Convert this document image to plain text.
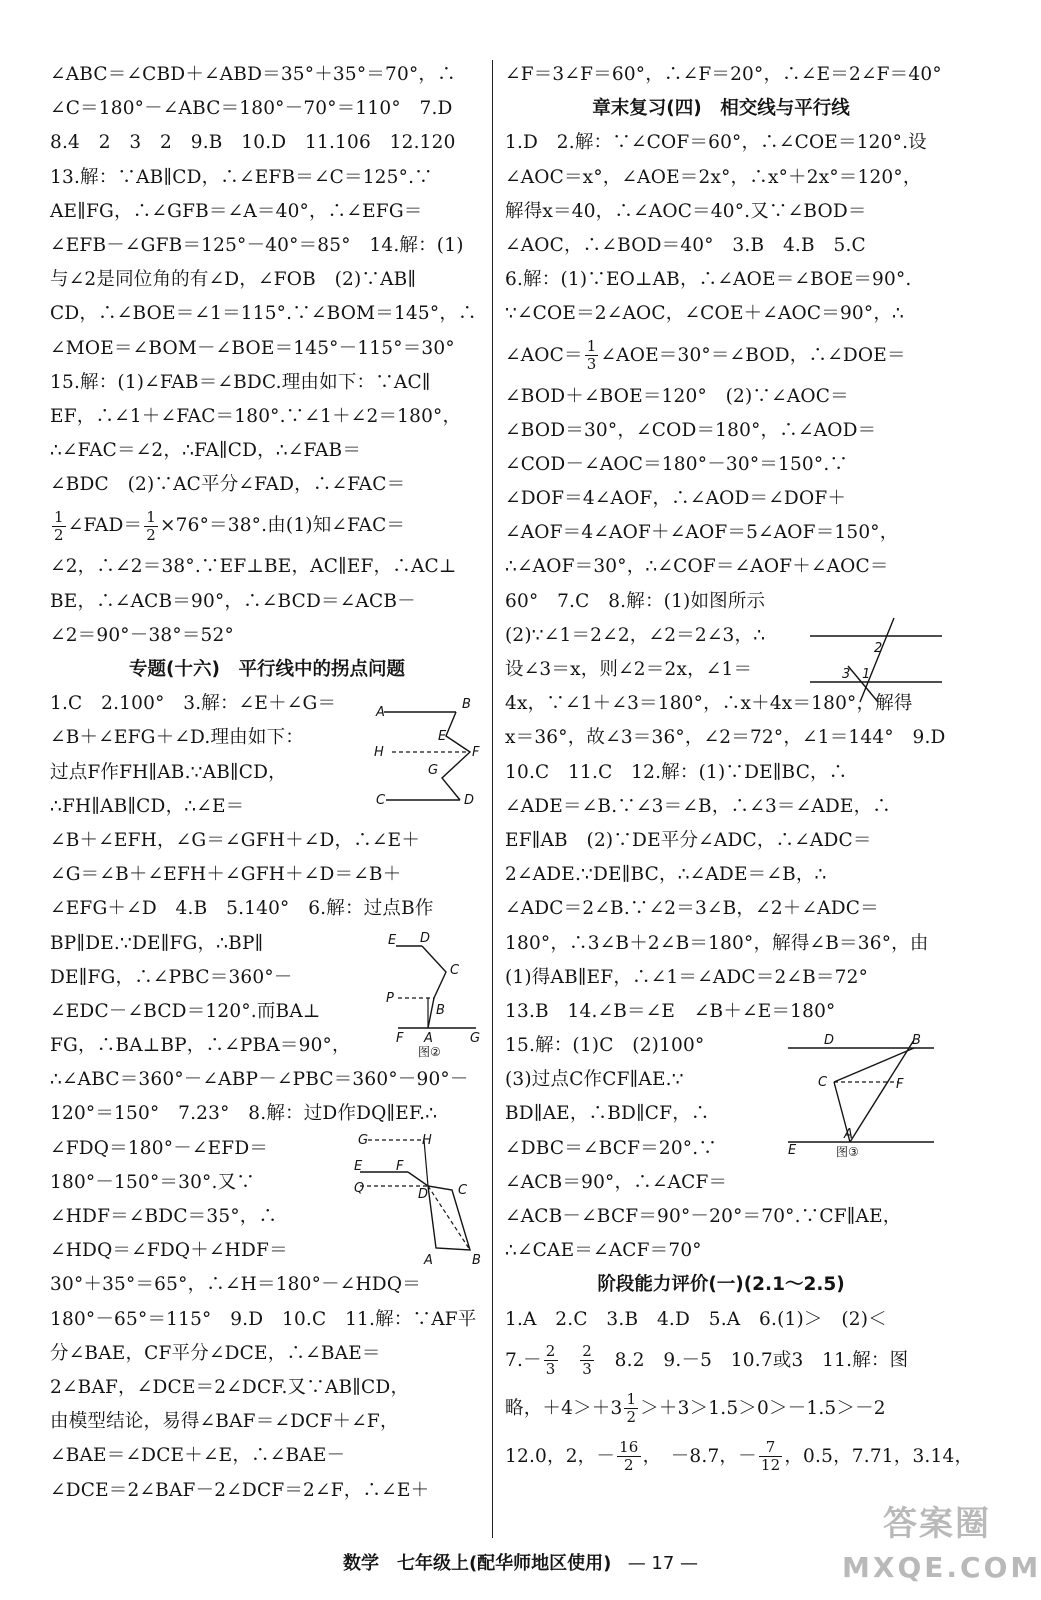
∠ABC＝∠CBD＋∠ABD＝35°＋35°＝70°，∴
∠C＝180°－∠ABC＝180°－70°＝110°　7.D
8.4　2　3　2　9.B　10.D　11.106　12.120
13.解：∵AB∥CD，∴∠EFB＝∠C＝125°.∵
AE∥FG，∴∠GFB＝∠A＝40°，∴∠EFG＝
∠EFB－∠GFB＝125°－40°＝85°　14.解：(1)
与∠2是同位角的有∠D，∠FOB　(2)∵AB∥
CD，∴∠BOE＝∠1＝115°.∵∠BOM＝145°，∴
∠MOE＝∠BOM－∠BOE＝145°－115°＝30°
15.解：(1)∠FAB＝∠BDC.理由如下：∵AC∥
EF，∴∠1＋∠FAC＝180°.∵∠1＋∠2＝180°，
∴∠FAC＝∠2，∴FA∥CD，∴∠FAB＝
∠BDC　(2)∵AC平分∠FAD，∴∠FAC＝
$\frac{1}{2}$ ∠FAD＝ $\frac{1}{2} \times 76^\circ=38^\circ$.由(1)知∠FAC＝
∠2，∴∠2＝38°.∵EF⊥BE，AC∥EF，∴AC⊥
BE，∴∠ACB＝90°，∴∠BCD＝∠ACB－
∠2＝90°－38°＝52°
专题(十六)　平行线中的拐点问题
1.C　2.100°　3.解：∠E＋∠G＝
∠B＋∠EFG＋∠D.理由如下：
过点F作FH∥AB.∵AB∥CD，
∴FH∥AB∥CD，∴∠E＝
∠B＋∠EFH，∠G＝∠GFH＋∠D，∴∠E＋
∠G＝∠B＋∠EFH＋∠GFH＋∠D＝∠B＋
∠EFG＋∠D　4.B　5.140°　6.解：过点B作
BP∥DE.∵DE∥FG，∴BP∥
DE∥FG，∴∠PBC＝360°－
∠EDC－∠BCD＝120°.而BA⊥
FG，∴BA⊥BP，∴∠PBA＝90°，
∴∠ABC＝360°－∠ABP－∠PBC＝360°－90°－
120°＝150°　7.23°　8.解：过D作DQ∥EF.∴
∠FDQ＝180°－∠EFD＝
180°－150°＝30°.又∵
∠HDF＝∠BDC＝35°，∴
∠HDQ＝∠FDQ＋∠HDF＝
30°＋35°＝65°，∴∠H＝180°－∠HDQ＝
180°－65°＝115°　9.D　10.C　11.解：∵AF平
分∠BAE，CF平分∠DCE，∴∠BAE＝
2∠BAF，∠DCE＝2∠DCF.又∵AB∥CD，
由模型结论，易得∠BAF＝∠DCF＋∠F，
∠BAE＝∠DCE＋∠E，∴∠BAE－
∠DCE＝2∠BAF－2∠DCF＝2∠F，∴∠E＋
∠F＝3∠F＝60°，∴∠F＝20°，∴∠E＝2∠F＝40°
章末复习(四)　相交线与平行线
1.D　2.解：∵∠COF＝60°，∴∠COE＝120°.设
∠AOC＝x°，∠AOE＝2x°，∴x°＋2x°＝120°，
解得x＝40，∴∠AOC＝40°.又∵∠BOD＝
∠AOC，∴∠BOD＝40°　3.B　4.B　5.C
6.解：(1)∵EO⊥AB，∴∠AOE＝∠BOE＝90°.
∵∠COE＝2∠AOC，∠COE＋∠AOC＝90°，∴
∠AOC＝ $\frac{1}{3}$ ∠AOE＝30°＝∠BOD，∴∠DOE＝
∠BOD＋∠BOE＝120°　(2)∵∠AOC＝
∠BOD＝30°，∠COD＝180°，∴∠AOD＝
∠COD－∠AOC＝180°－30°＝150°.∵
∠DOF＝4∠AOF，∴∠AOD＝∠DOF＋
∠AOF＝4∠AOF＋∠AOF＝5∠AOF＝150°，
∴∠AOF＝30°，∴∠COF＝∠AOF＋∠AOC＝
60°　7.C　8.解：(1)如图所示
(2)∵∠1＝2∠2，∠2＝2∠3，∴
设∠3＝x，则∠2＝2x，∠1＝
4x，∵∠1＋∠3＝180°，∴x＋4x＝180°，解得
x＝36°，故∠3＝36°，∠2＝72°，∠1＝144°　9.D
10.C　11.C　12.解：(1)∵DE∥BC，∴
∠ADE＝∠B.∵∠3＝∠B，∴∠3＝∠ADE，∴
EF∥AB　(2)∵DE平分∠ADC，∴∠ADC＝
2∠ADE.∵DE∥BC，∴∠ADE＝∠B，∴
∠ADC＝2∠B.∵∠2＝3∠B，∠2＋∠ADC＝
180°，∴3∠B＋2∠B＝180°，解得∠B＝36°，由
(1)得AB∥EF，∴∠1＝∠ADC＝2∠B＝72°
13.B　14.∠B＝∠E　∠B＋∠E＝180°
15.解：(1)C　(2)100°
(3)过点C作CF∥AE.∵
BD∥AE，∴BD∥CF，∴
∠DBC＝∠BCF＝20°.∵
∠ACB＝90°，∴∠ACF＝
∠ACB－∠BCF＝90°－20°＝70°.∵CF∥AE，
∴∠CAE＝∠ACF＝70°
阶段能力评价(一)(2.1～2.5)
1.A　2.C　3.B　4.D　5.A　6.(1)＞　(2)＜
$7.- \frac{2}{3}$
　 $\frac{2}{3}$ 　8.2　9.－5　10.7或3　11.解：图
略，$+4>+3 \frac{1}{2} >+3>1.5>0>-1.5>-2$
12.0，2，－ $\frac{16}{2}$ ，　－8.7，－ $\frac{7}{12}$ ，0.5，7.71，3.14，
A
B
H
E
F
G
C	D
E D
C
P
B
F A	G
图②
G	H
E	F
Q	D C
A	B
2
3 1
D	B
C	F
E
A
图③
数学　七年级上(配华师地区使用) — 17 —
答案圈
MXQE.COM
